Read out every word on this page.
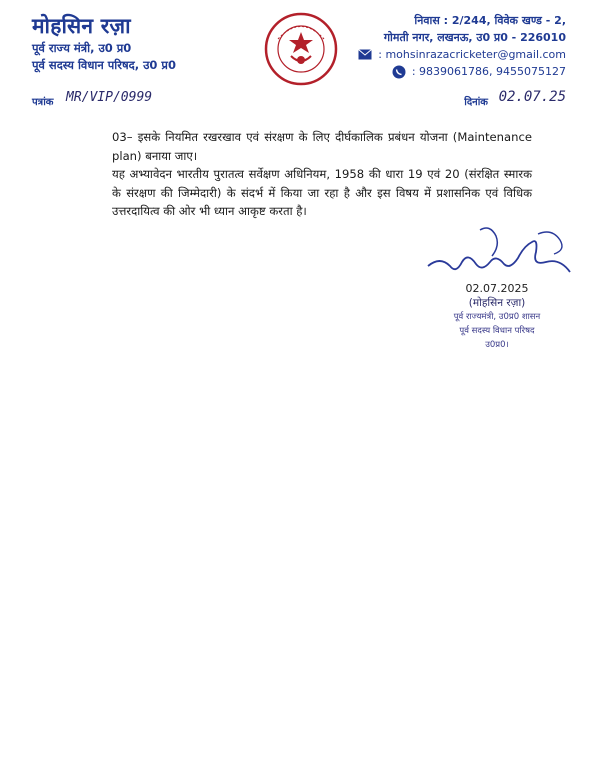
मोहसिन रज़ा
पूर्व राज्य मंत्री, उ0 प्र0
पूर्व सदस्य विधान परिषद, उ0 प्र0
निवास : 2/244, विवेक खण्ड - 2,
गोमती नगर, लखनऊ, उ0 प्र0 - 226010
: mohsinrazacricketer@gmail.com
: 9839061786, 9455075127
पत्रांक MR/VIP/0999	दिनांक 02.07.25

03– इसके नियमित रखरखाव एवं संरक्षण के लिए दीर्घकालिक प्रबंधन योजना (Maintenance plan) बनाया जाए।

यह अभ्यावेदन भारतीय पुरातत्व सर्वेक्षण अधिनियम, 1958 की धारा 19 एवं 20 (संरक्षित स्मारक के संरक्षण की जिम्मेदारी) के संदर्भ में किया जा रहा है और इस विषय में प्रशासनिक एवं विधिक उत्तरदायित्व की ओर भी ध्यान आकृष्ट करता है।

02.07.2025
(मोहसिन रज़ा)
पूर्व राज्यमंत्री, उ0प्र0 शासन
पूर्व सदस्य विधान परिषद
उ0प्र0।
